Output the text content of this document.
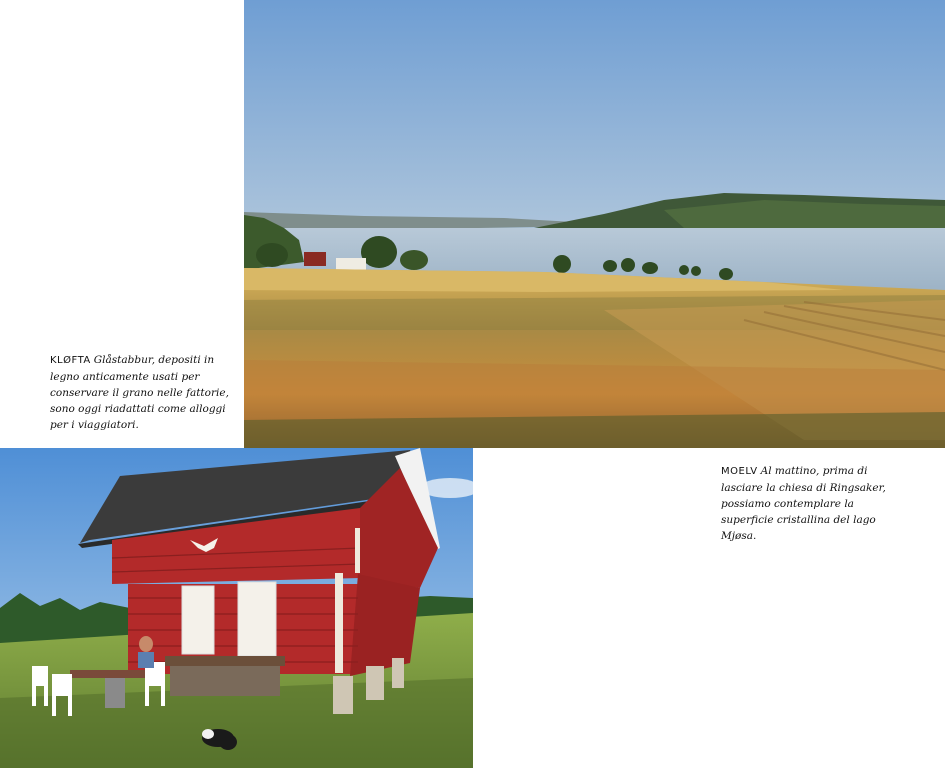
KLØFTA Glåstabbur, depositi in legno anticamente usati per conservare il grano nelle fattorie, sono oggi riadattati come alloggi per i viaggiatori.
MOELV Al mattino, prima di lasciare la chiesa di Ringsaker, possiamo contemplare la superficie cristallina del lago Mjøsa.
